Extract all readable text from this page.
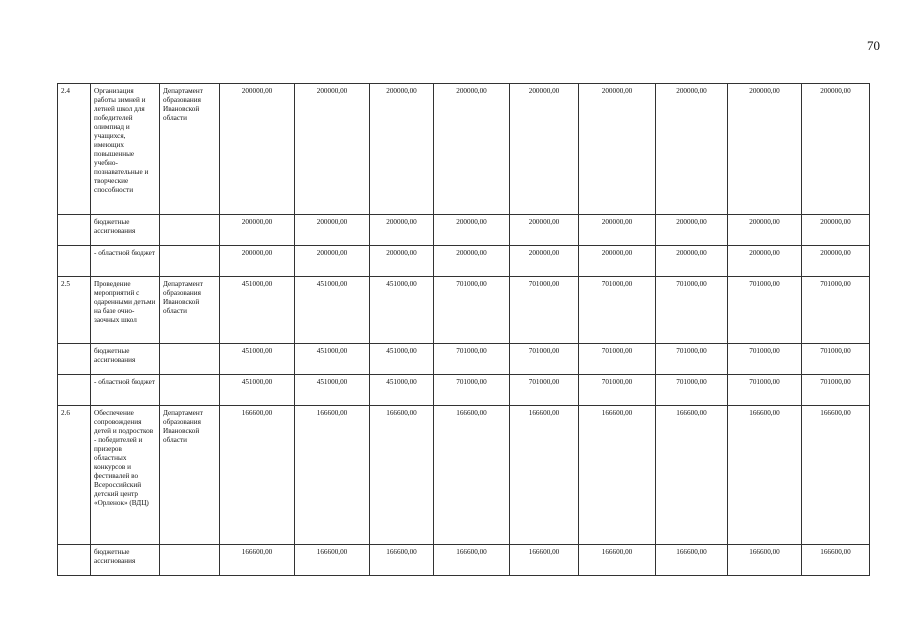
70
2.4	Организация работы зимней и летней школ для победителей олимпиад и учащихся, имеющих повышенные учебно-познавательные и творческие способности	Департамент образования Ивановской области	200000,00	200000,00	200000,00	200000,00	200000,00	200000,00	200000,00	200000,00	200000,00
	бюджетные ассигнования		200000,00	200000,00	200000,00	200000,00	200000,00	200000,00	200000,00	200000,00	200000,00
	- областной бюджет		200000,00	200000,00	200000,00	200000,00	200000,00	200000,00	200000,00	200000,00	200000,00
2.5	Проведение мероприятий с одаренными детьми на базе очно-заочных школ	Департамент образования Ивановской области	451000,00	451000,00	451000,00	701000,00	701000,00	701000,00	701000,00	701000,00	701000,00
	бюджетные ассигнования		451000,00	451000,00	451000,00	701000,00	701000,00	701000,00	701000,00	701000,00	701000,00
	- областной бюджет		451000,00	451000,00	451000,00	701000,00	701000,00	701000,00	701000,00	701000,00	701000,00
2.6	Обеспечение сопровождения детей и подростков - победителей и призеров областных конкурсов и фестивалей во Всероссийский детский центр «Орленок» (ВДЦ)	Департамент образования Ивановской области	166600,00	166600,00	166600,00	166600,00	166600,00	166600,00	166600,00	166600,00	166600,00
	бюджетные ассигнования		166600,00	166600,00	166600,00	166600,00	166600,00	166600,00	166600,00	166600,00	166600,00
